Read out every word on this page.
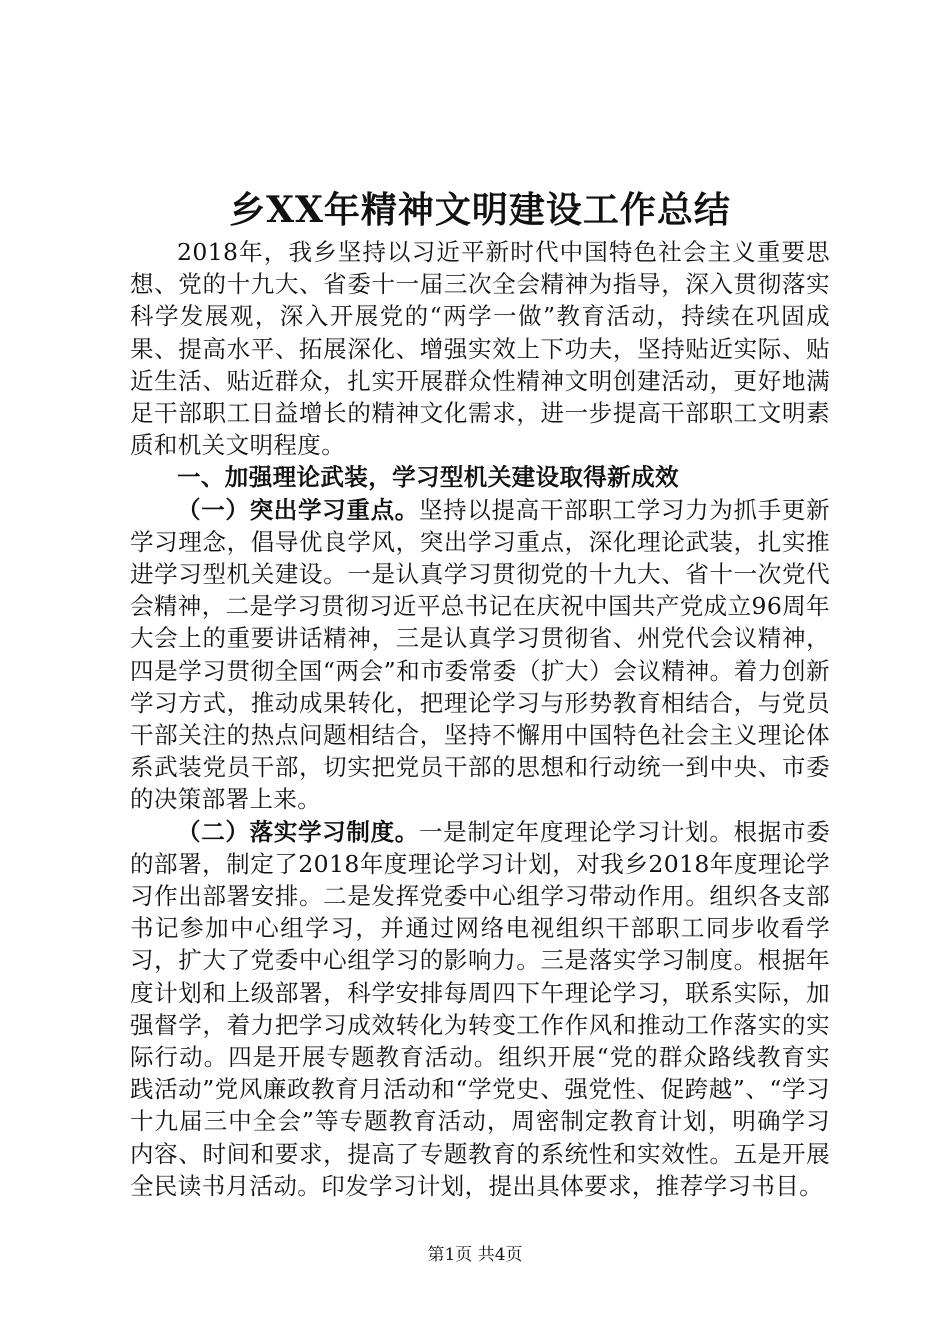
乡XX年精神文明建设工作总结

2018年，我乡坚持以习近平新时代中国特色社会主义重要思想、党的十九大、省委十一届三次全会精神为指导，深入贯彻落实科学发展观，深入开展党的“两学一做”教育活动，持续在巩固成果、提高水平、拓展深化、增强实效上下功夫，坚持贴近实际、贴近生活、贴近群众，扎实开展群众性精神文明创建活动，更好地满足干部职工日益增长的精神文化需求，进一步提高干部职工文明素质和机关文明程度。

一、加强理论武装，学习型机关建设取得新成效

（一）突出学习重点。坚持以提高干部职工学习力为抓手更新学习理念，倡导优良学风，突出学习重点，深化理论武装，扎实推进学习型机关建设。一是认真学习贯彻党的十九大、省十一次党代会精神，二是学习贯彻习近平总书记在庆祝中国共产党成立96周年大会上的重要讲话精神，三是认真学习贯彻省、州党代会议精神，四是学习贯彻全国“两会”和市委常委（扩大）会议精神。着力创新学习方式，推动成果转化，把理论学习与形势教育相结合，与党员干部关注的热点问题相结合，坚持不懈用中国特色社会主义理论体系武装党员干部，切实把党员干部的思想和行动统一到中央、市委的决策部署上来。

（二）落实学习制度。一是制定年度理论学习计划。根据市委的部署，制定了2018年度理论学习计划，对我乡2018年度理论学习作出部署安排。二是发挥党委中心组学习带动作用。组织各支部书记参加中心组学习，并通过网络电视组织干部职工同步收看学习，扩大了党委中心组学习的影响力。三是落实学习制度。根据年度计划和上级部署，科学安排每周四下午理论学习，联系实际，加强督学，着力把学习成效转化为转变工作作风和推动工作落实的实际行动。四是开展专题教育活动。组织开展“党的群众路线教育实践活动”党风廉政教育月活动和“学党史、强党性、促跨越”、“学习十九届三中全会”等专题教育活动，周密制定教育计划，明确学习内容、时间和要求，提高了专题教育的系统性和实效性。五是开展全民读书月活动。印发学习计划，提出具体要求，推荐学习书目。

第1页 共4页
